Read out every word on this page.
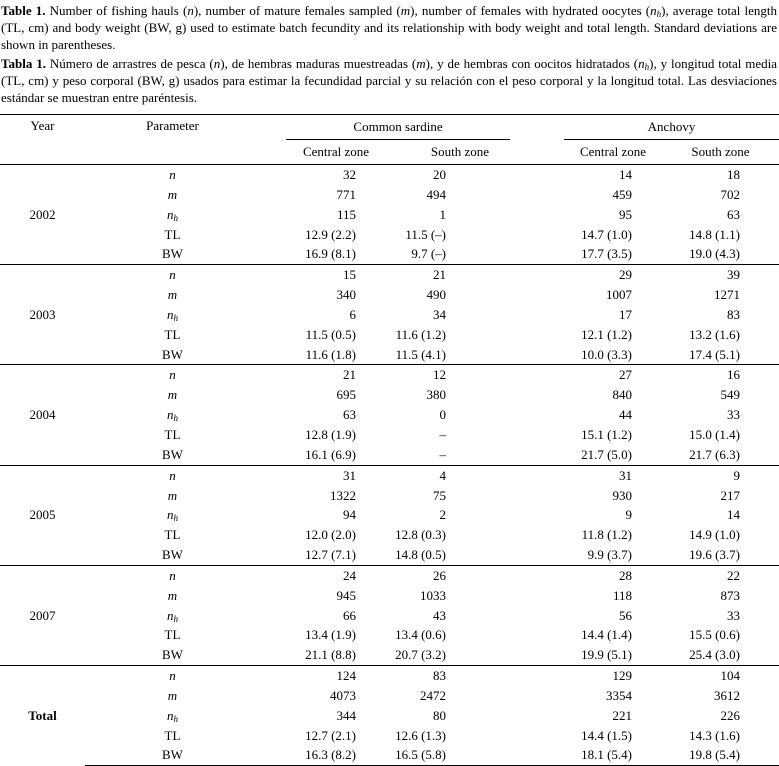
Table 1. Number of fishing hauls (n), number of mature females sampled (m), number of females with hydrated oocytes $(n_h)$, average total length (TL, cm) and body weight (BW, g) used to estimate batch fecundity and its relationship with body weight and total length. Standard deviations are shown in parentheses.
Tabla 1. Número de arrastres de pesca (n), de hembras maduras muestreadas (m), y de hembras con oocitos hidratados $(n_h)$, y longitud total media (TL, cm) y peso corporal (BW, g) usados para estimar la fecundidad parcial y su relación con el peso corporal y la longitud total. Las desviaciones estándar se muestran entre paréntesis.
Year	Parameter	Common sardine			Anchovy		

		Central zone		South zone	Central zone		South zone
2002	n	32	20		14	18	
	m	771	494		459	702	
	$n_h$	115	1		95	63	
	TL	12.9 (2.2)	11.5 (–)		14.7 (1.0)	14.8 (1.1)	
	BW	16.9 (8.1)	9.7 (–)		17.7 (3.5)	19.0 (4.3)	
2003	n	15	21		29	39	
	m	340	490		1007	1271	
	$n_h$	6	34		17	83	
	TL	11.5 (0.5)	11.6 (1.2)		12.1 (1.2)	13.2 (1.6)	
	BW	11.6 (1.8)	11.5 (4.1)		10.0 (3.3)	17.4 (5.1)	
2004	n	21	12		27	16	
	m	695	380		840	549	
	$n_h$	63	0		44	33	
	TL	12.8 (1.9)	–		15.1 (1.2)	15.0 (1.4)	
	BW	16.1 (6.9)	–		21.7 (5.0)	21.7 (6.3)	
2005	n	31	4		31	9	
	m	1322	75		930	217	
	$n_h$	94	2		9	14	
	TL	12.0 (2.0)	12.8 (0.3)		11.8 (1.2)	14.9 (1.0)	
	BW	12.7 (7.1)	14.8 (0.5)		9.9 (3.7)	19.6 (3.7)	
2007	n	24	26		28	22	
	m	945	1033		118	873	
	$n_h$	66	43		56	33	
	TL	13.4 (1.9)	13.4 (0.6)		14.4 (1.4)	15.5 (0.6)	
	BW	21.1 (8.8)	20.7 (3.2)		19.9 (5.1)	25.4 (3.0)	
Total	n	124	83		129	104	
	m	4073	2472		3354	3612	
	$n_h$	344	80		221	226	
	TL	12.7 (2.1)	12.6 (1.3)		14.4 (1.5)	14.3 (1.6)	
	BW	16.3 (8.2)	16.5 (5.8)		18.1 (5.4)	19.8 (5.4)	
